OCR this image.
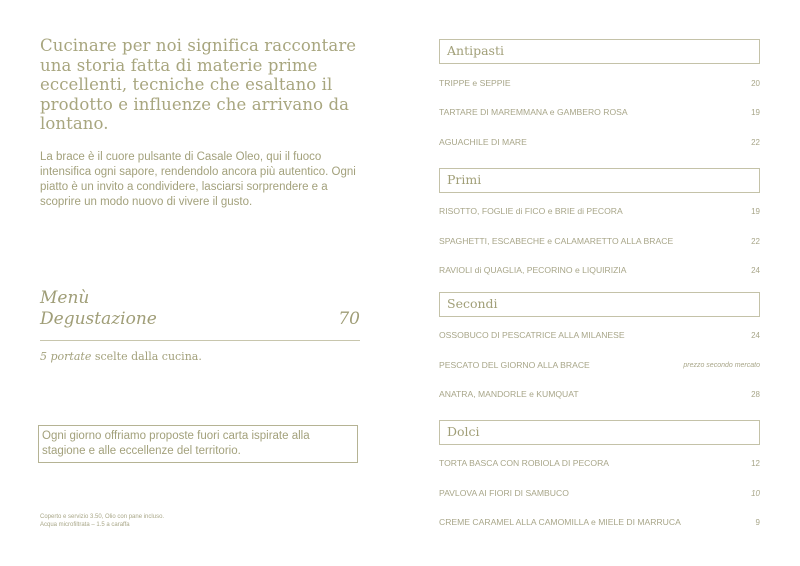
Cucinare per noi significa raccontare una storia fatta di materie prime eccellenti, tecniche che esaltano il prodotto e influenze che arrivano da lontano.

La brace è il cuore pulsante di Casale Oleo, qui il fuoco intensifica ogni sapore, rendendolo ancora più autentico. Ogni piatto è un invito a condividere, lasciarsi sorprendere e a scoprire un modo nuovo di vivere il gusto.

Menù
Degustazione	70
5 portate scelte dalla cucina.
Ogni giorno offriamo proposte fuori carta ispirate alla stagione e alle eccellenze del territorio.
Coperto e servizio 3.50, Olio con pane incluso.
Acqua microfiltrata – 1.5 a caraffa
Antipasti
TRIPPE e SEPPIE	20
TARTARE DI MAREMMANA e GAMBERO ROSA	19
AGUACHILE DI MARE	22
Primi
RISOTTO, FOGLIE di FICO e BRIE di PECORA	19
SPAGHETTI, ESCABECHE e CALAMARETTO ALLA BRACE	22
RAVIOLI di QUAGLIA, PECORINO e LIQUIRIZIA	24
Secondi
OSSOBUCO DI PESCATRICE ALLA MILANESE	24
PESCATO DEL GIORNO ALLA BRACE	prezzo secondo mercato
ANATRA, MANDORLE e KUMQUAT	28
Dolci
TORTA BASCA CON ROBIOLA DI PECORA	12
PAVLOVA AI FIORI DI SAMBUCO	10
CREME CARAMEL ALLA CAMOMILLA e MIELE DI MARRUCA	9
